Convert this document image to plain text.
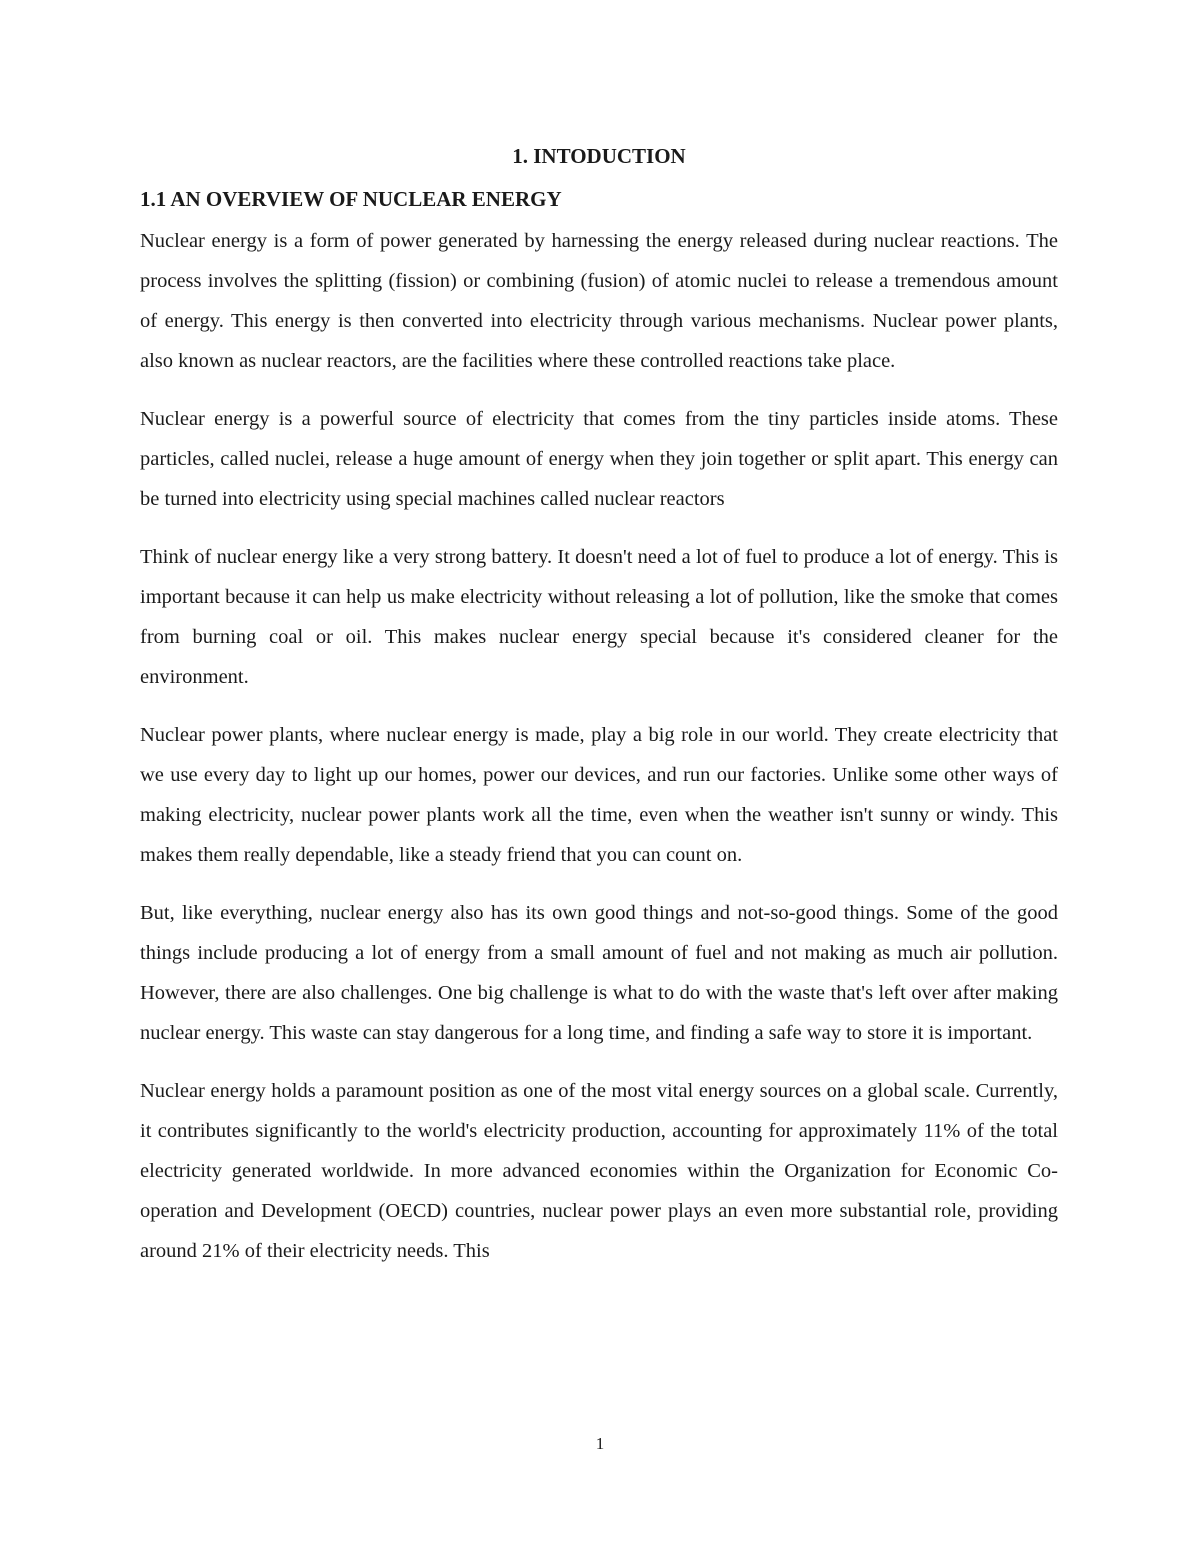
1. INTODUCTION
1.1 AN OVERVIEW OF NUCLEAR ENERGY

Nuclear energy is a form of power generated by harnessing the energy released during nuclear reactions. The process involves the splitting (fission) or combining (fusion) of atomic nuclei to release a tremendous amount of energy. This energy is then converted into electricity through various mechanisms. Nuclear power plants, also known as nuclear reactors, are the facilities where these controlled reactions take place.

Nuclear energy is a powerful source of electricity that comes from the tiny particles inside atoms. These particles, called nuclei, release a huge amount of energy when they join together or split apart. This energy can be turned into electricity using special machines called nuclear reactors

Think of nuclear energy like a very strong battery. It doesn't need a lot of fuel to produce a lot of energy. This is important because it can help us make electricity without releasing a lot of pollution, like the smoke that comes from burning coal or oil. This makes nuclear energy special because it's considered cleaner for the environment.

Nuclear power plants, where nuclear energy is made, play a big role in our world. They create electricity that we use every day to light up our homes, power our devices, and run our factories. Unlike some other ways of making electricity, nuclear power plants work all the time, even when the weather isn't sunny or windy. This makes them really dependable, like a steady friend that you can count on.

But, like everything, nuclear energy also has its own good things and not-so-good things. Some of the good things include producing a lot of energy from a small amount of fuel and not making as much air pollution. However, there are also challenges. One big challenge is what to do with the waste that's left over after making nuclear energy. This waste can stay dangerous for a long time, and finding a safe way to store it is important.

Nuclear energy holds a paramount position as one of the most vital energy sources on a global scale. Currently, it contributes significantly to the world's electricity production, accounting for approximately 11% of the total electricity generated worldwide. In more advanced economies within the Organization for Economic Co-operation and Development (OECD) countries, nuclear power plays an even more substantial role, providing around 21% of their electricity needs. This

1
